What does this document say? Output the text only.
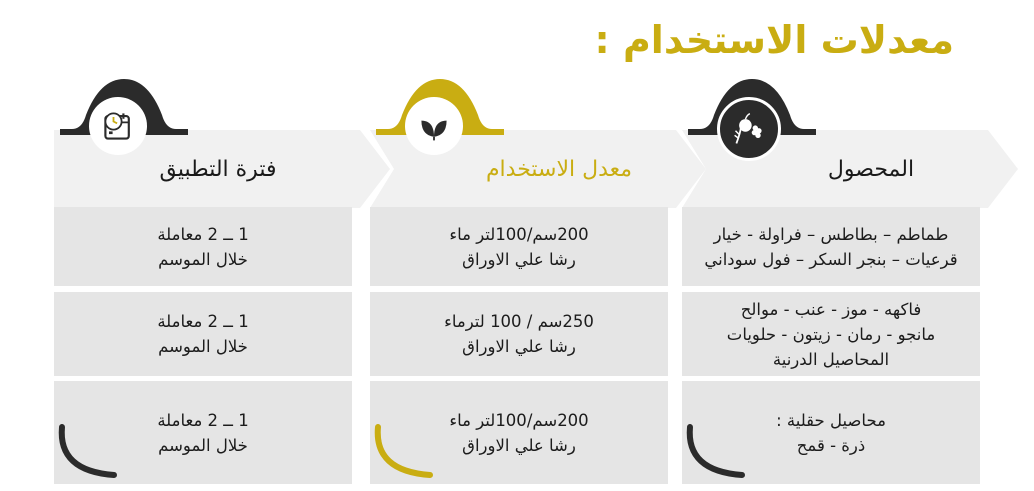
معدلات الاستخدام :
المحصول
طماطم – بطاطس – فراولة - خيار
قرعيات – بنجر السكر – فول سوداني
فاكهه - موز - عنب - موالح
مانجو - رمان - زيتون - حلويات
المحاصيل الدرنية
محاصيل حقلية :
ذرة - قمح
معدل الاستخدام
200سم/100لتر ماء
رشا علي الاوراق
250سم / 100 لترماء
رشا علي الاوراق
200سم/100لتر ماء
رشا علي الاوراق
فترة التطبيق
1 ــ 2 معاملة
خلال الموسم
1 ــ 2 معاملة
خلال الموسم
1 ــ 2 معاملة
خلال الموسم
